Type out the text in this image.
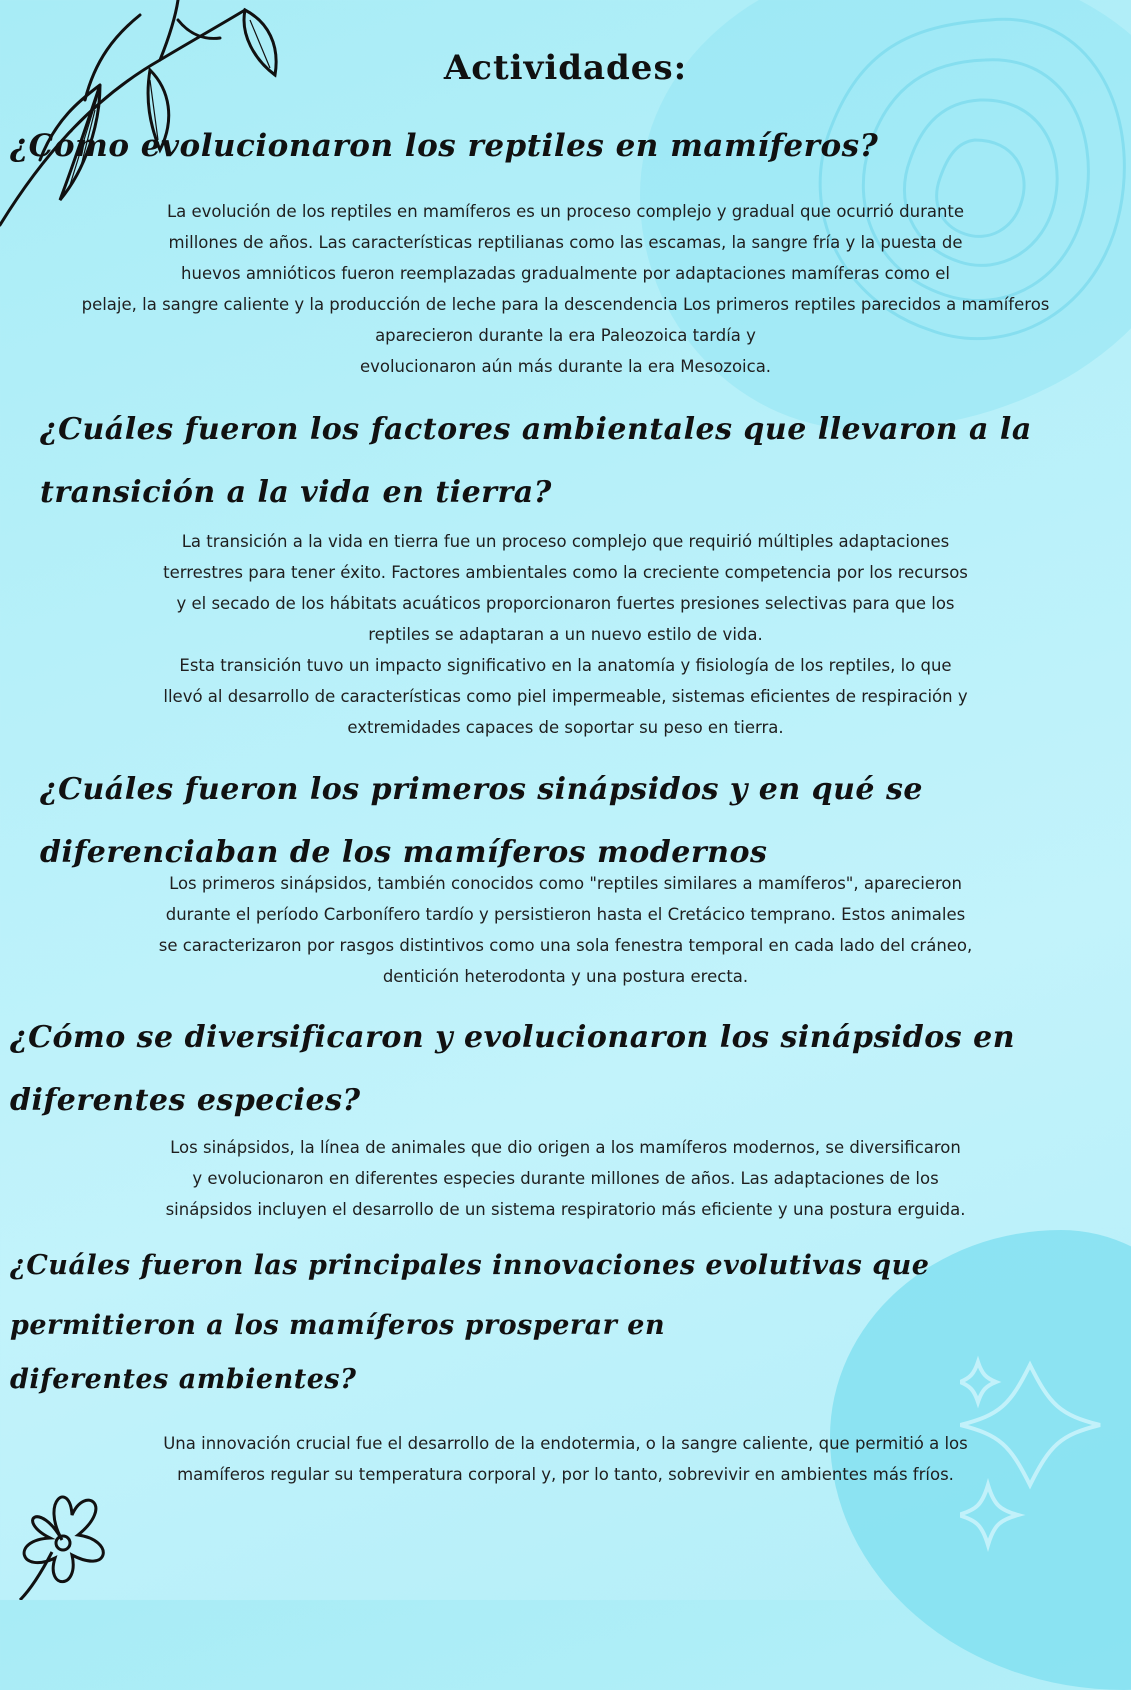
Actividades:
¿Cómo evolucionaron los reptiles en mamíferos?
La evolución de los reptiles en mamíferos es un proceso complejo y gradual que ocurrió durante
millones de años. Las características reptilianas como las escamas, la sangre fría y la puesta de
huevos amnióticos fueron reemplazadas gradualmente por adaptaciones mamíferas como el
pelaje, la sangre caliente y la producción de leche para la descendencia Los primeros reptiles parecidos a mamíferos
aparecieron durante la era Paleozoica tardía y
evolucionaron aún más durante la era Mesozoica.
¿Cuáles fueron los factores ambientales que llevaron a la
transición a la vida en tierra?
La transición a la vida en tierra fue un proceso complejo que requirió múltiples adaptaciones
terrestres para tener éxito. Factores ambientales como la creciente competencia por los recursos
y el secado de los hábitats acuáticos proporcionaron fuertes presiones selectivas para que los
reptiles se adaptaran a un nuevo estilo de vida.
Esta transición tuvo un impacto significativo en la anatomía y fisiología de los reptiles, lo que
llevó al desarrollo de características como piel impermeable, sistemas eficientes de respiración y
extremidades capaces de soportar su peso en tierra.
¿Cuáles fueron los primeros sinápsidos y en qué se
diferenciaban de los mamíferos modernos
Los primeros sinápsidos, también conocidos como "reptiles similares a mamíferos", aparecieron
durante el período Carbonífero tardío y persistieron hasta el Cretácico temprano. Estos animales
se caracterizaron por rasgos distintivos como una sola fenestra temporal en cada lado del cráneo,
dentición heterodonta y una postura erecta.
¿Cómo se diversificaron y evolucionaron los sinápsidos en
diferentes especies?
Los sinápsidos, la línea de animales que dio origen a los mamíferos modernos, se diversificaron
y evolucionaron en diferentes especies durante millones de años. Las adaptaciones de los
sinápsidos incluyen el desarrollo de un sistema respiratorio más eficiente y una postura erguida.
¿Cuáles fueron las principales innovaciones evolutivas que
permitieron a los mamíferos prosperar en
diferentes ambientes?
Una innovación crucial fue el desarrollo de la endotermia, o la sangre caliente, que permitió a los
mamíferos regular su temperatura corporal y, por lo tanto, sobrevivir en ambientes más fríos.
